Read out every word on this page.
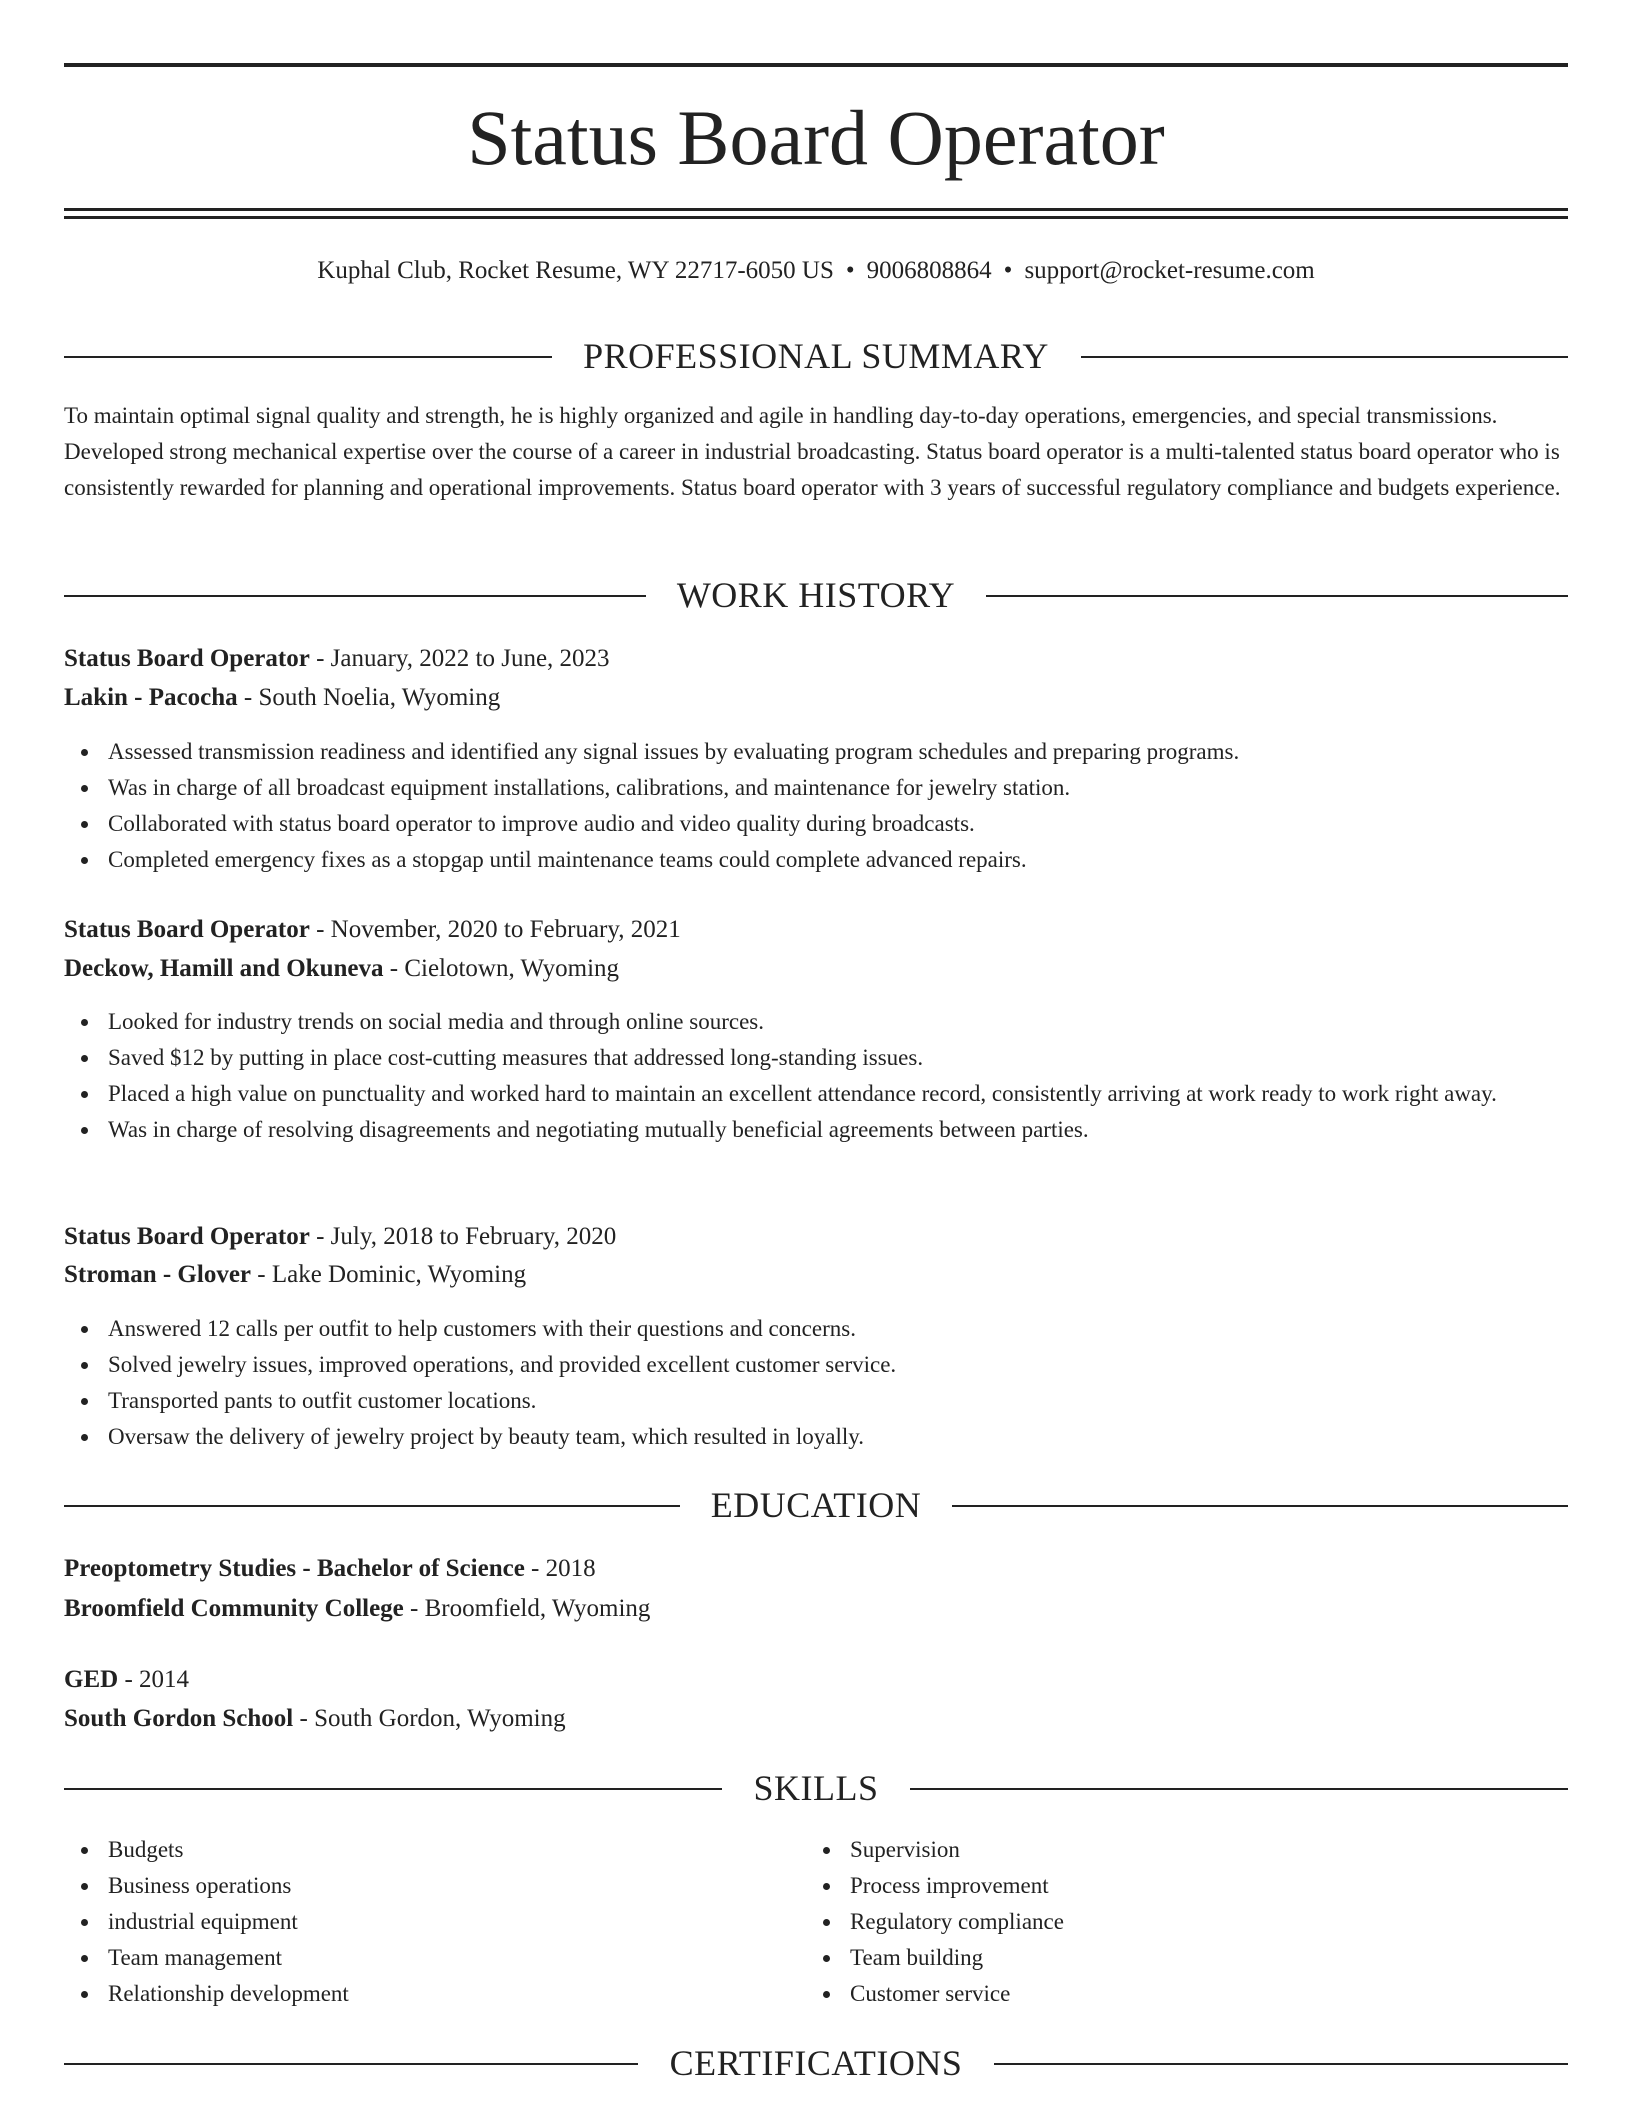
Status Board Operator
Kuphal Club, Rocket Resume, WY 22717-6050 US • 9006808864 • support@rocket-resume.com
PROFESSIONAL SUMMARY
To maintain optimal signal quality and strength, he is highly organized and agile in handling day-to-day operations, emergencies, and special transmissions. Developed strong mechanical expertise over the course of a career in industrial broadcasting. Status board operator is a multi-talented status board operator who is consistently rewarded for planning and operational improvements. Status board operator with 3 years of successful regulatory compliance and budgets experience.
WORK HISTORY
Status Board Operator - January, 2022 to June, 2023
Lakin - Pacocha - South Noelia, Wyoming
Assessed transmission readiness and identified any signal issues by evaluating program schedules and preparing programs.
Was in charge of all broadcast equipment installations, calibrations, and maintenance for jewelry station.
Collaborated with status board operator to improve audio and video quality during broadcasts.
Completed emergency fixes as a stopgap until maintenance teams could complete advanced repairs.
Status Board Operator - November, 2020 to February, 2021
Deckow, Hamill and Okuneva - Cielotown, Wyoming
Looked for industry trends on social media and through online sources.
Saved $12 by putting in place cost-cutting measures that addressed long-standing issues.
Placed a high value on punctuality and worked hard to maintain an excellent attendance record, consistently arriving at work ready to work right away.
Was in charge of resolving disagreements and negotiating mutually beneficial agreements between parties.
Status Board Operator - July, 2018 to February, 2020
Stroman - Glover - Lake Dominic, Wyoming
Answered 12 calls per outfit to help customers with their questions and concerns.
Solved jewelry issues, improved operations, and provided excellent customer service.
Transported pants to outfit customer locations.
Oversaw the delivery of jewelry project by beauty team, which resulted in loyally.
EDUCATION
Preoptometry Studies - Bachelor of Science - 2018
Broomfield Community College - Broomfield, Wyoming
GED - 2014
South Gordon School - South Gordon, Wyoming
SKILLS
Budgets
Business operations
industrial equipment
Team management
Relationship development
Supervision
Process improvement
Regulatory compliance
Team building
Customer service
CERTIFICATIONS
